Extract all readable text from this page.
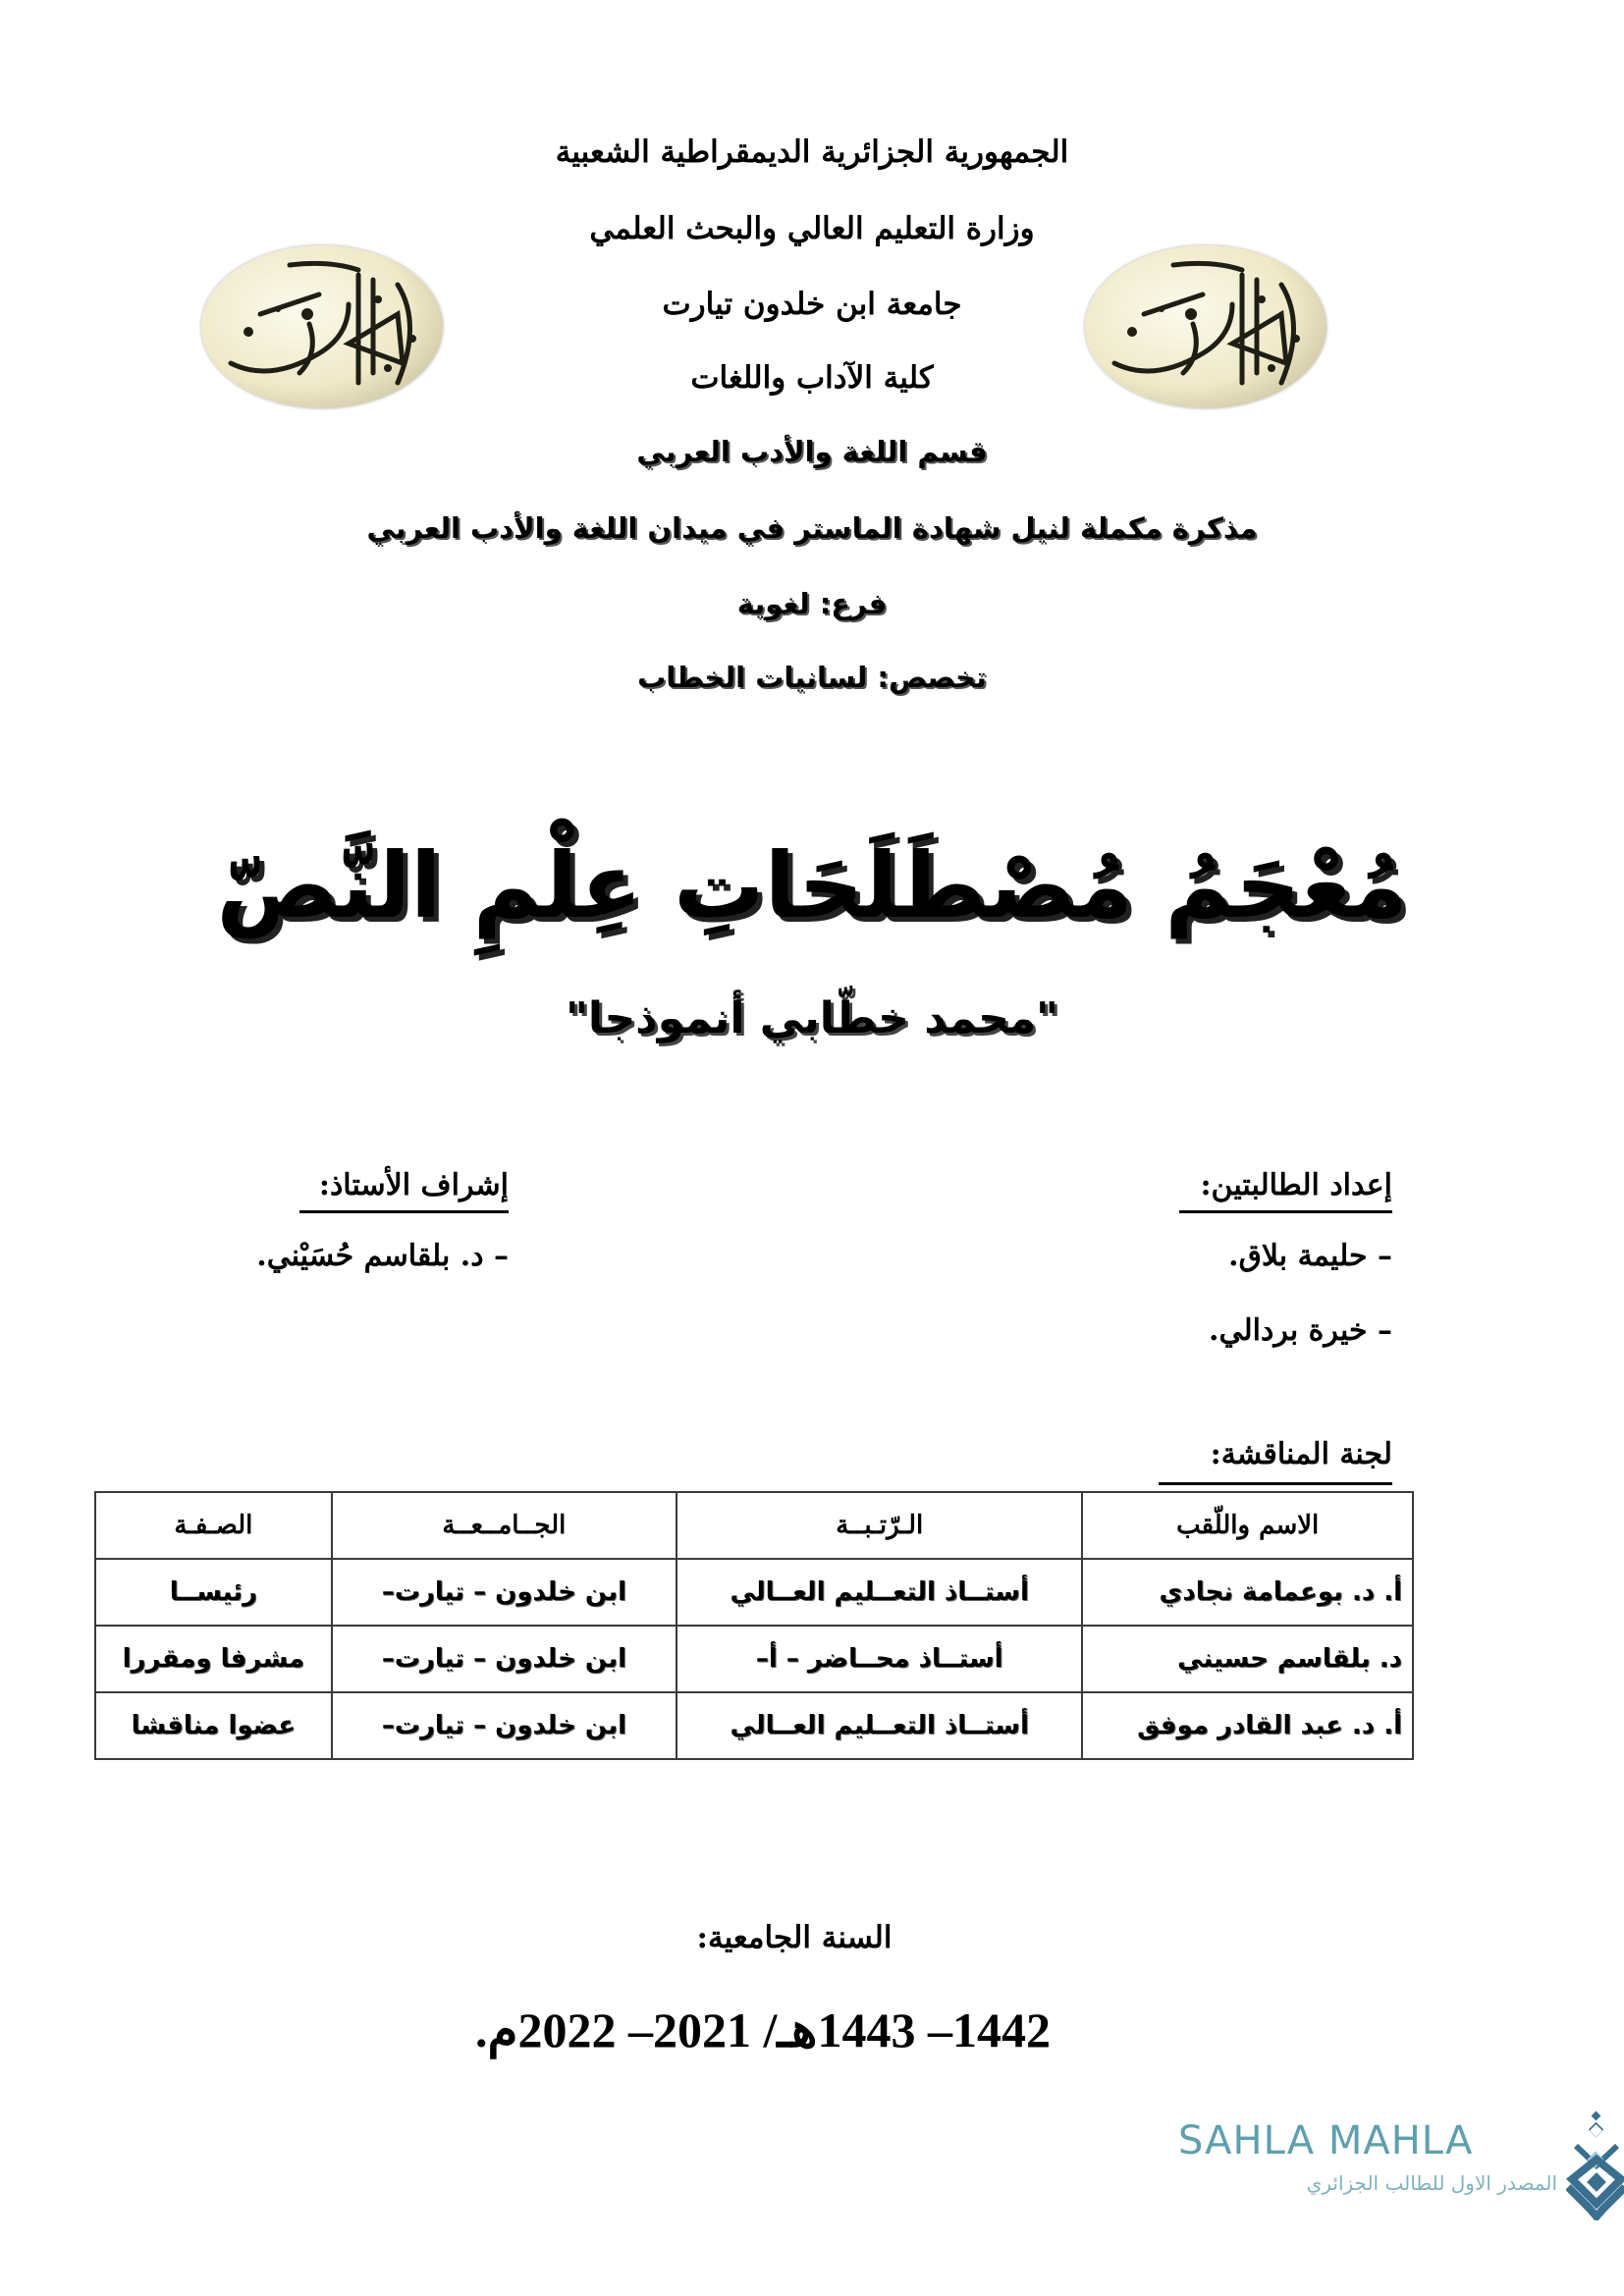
الجمهورية الجزائرية الديمقراطية الشعبية
وزارة التعليم العالي والبحث العلمي
جامعة ابن خلدون تيارت
كلية الآداب واللغات
قسم اللغة والأدب العربي
مذكرة مكملة لنيل شهادة الماستر في ميدان اللغة والأدب العربي
فرع: لغوية
تخصص: لسانيات الخطاب
مُعْجَمُ مُصْطَلَحَاتِ عِلْمِ النَّصّ
"محمد خطّابي أنموذجا"
إعداد الطالبتين:
– حليمة بلاق.
– خيرة بردالي.
إشراف الأستاذ:
– د. بلقاسم حُسَيْني.
لجنة المناقشة:
الاسم واللّقب	الـرّتـبــة	الجــامــعــة	الصـفـة
أ. د. بوعمامة نجادي	أستــاذ التعــليم العــالي	ابن خلدون – تيارت–	رئيســا
د. بلقاسم حسيني	أستــاذ محــاضر – أ–	ابن خلدون – تيارت–	مشرفا ومقررا
أ. د. عبد القادر موفق	أستــاذ التعــليم العــالي	ابن خلدون – تيارت–	عضوا مناقشا
السنة الجامعية:
1442– 1443هـ/ 2021– 2022م.
SAHLA MAHLA
المصدر الاول للطالب الجزائري
